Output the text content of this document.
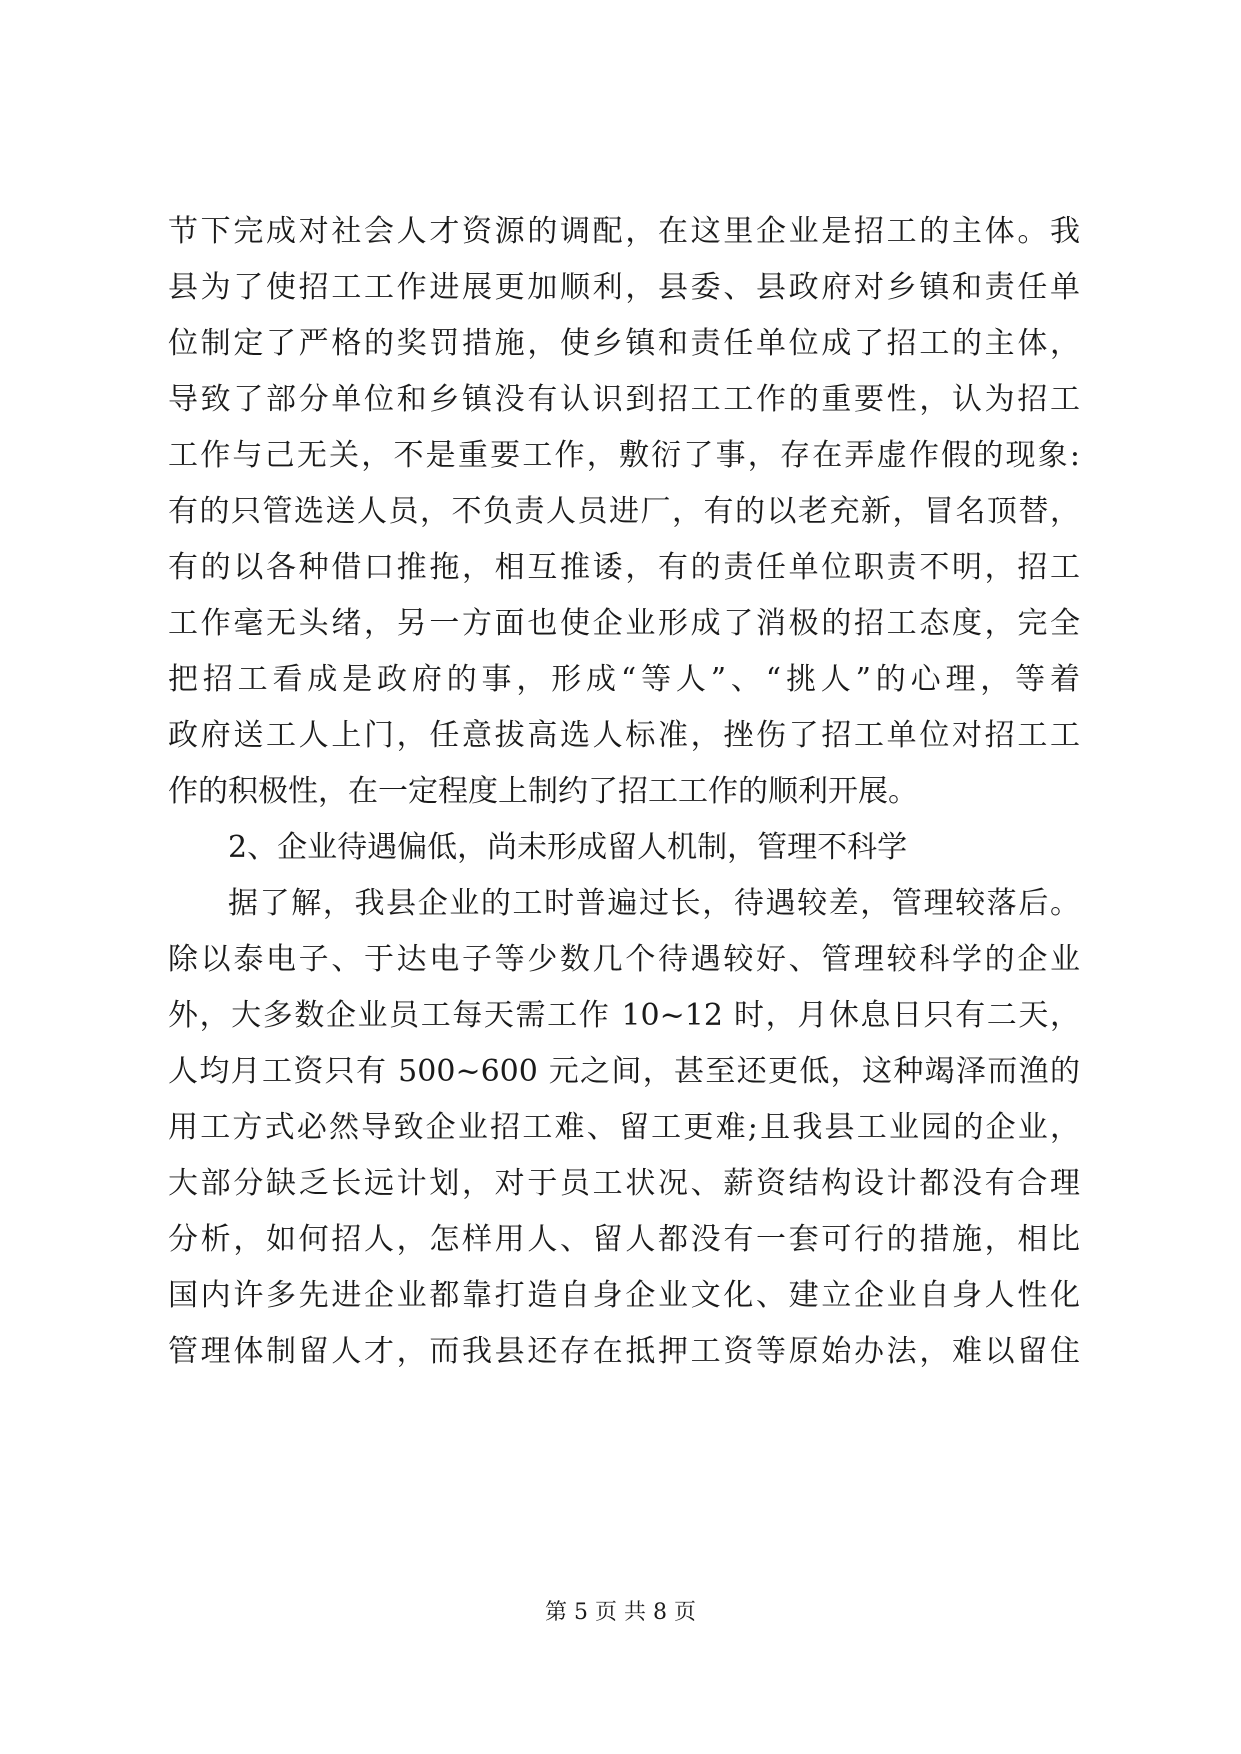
节下完成对社会人才资源的调配，在这里企业是招工的主体。我
县为了使招工工作进展更加顺利，县委、县政府对乡镇和责任单
位制定了严格的奖罚措施，使乡镇和责任单位成了招工的主体，
导致了部分单位和乡镇没有认识到招工工作的重要性，认为招工
工作与己无关，不是重要工作，敷衍了事，存在弄虚作假的现象:
有的只管选送人员，不负责人员进厂，有的以老充新，冒名顶替，
有的以各种借口推拖，相互推诿，有的责任单位职责不明，招工
工作毫无头绪，另一方面也使企业形成了消极的招工态度，完全
把招工看成是政府的事，形成“等人”、“挑人”的心理，等着
政府送工人上门，任意拔高选人标准，挫伤了招工单位对招工工
作的积极性，在一定程度上制约了招工工作的顺利开展。
2、企业待遇偏低，尚未形成留人机制，管理不科学
据了解，我县企业的工时普遍过长，待遇较差，管理较落后。
除以泰电子、于达电子等少数几个待遇较好、管理较科学的企业
外，大多数企业员工每天需工作 10~12 时，月休息日只有二天，
人均月工资只有 500~600 元之间，甚至还更低，这种竭泽而渔的
用工方式必然导致企业招工难、留工更难;且我县工业园的企业，
大部分缺乏长远计划，对于员工状况、薪资结构设计都没有合理
分析，如何招人，怎样用人、留人都没有一套可行的措施，相比
国内许多先进企业都靠打造自身企业文化、建立企业自身人性化
管理体制留人才，而我县还存在抵押工资等原始办法，难以留住
第 5 页 共 8 页
